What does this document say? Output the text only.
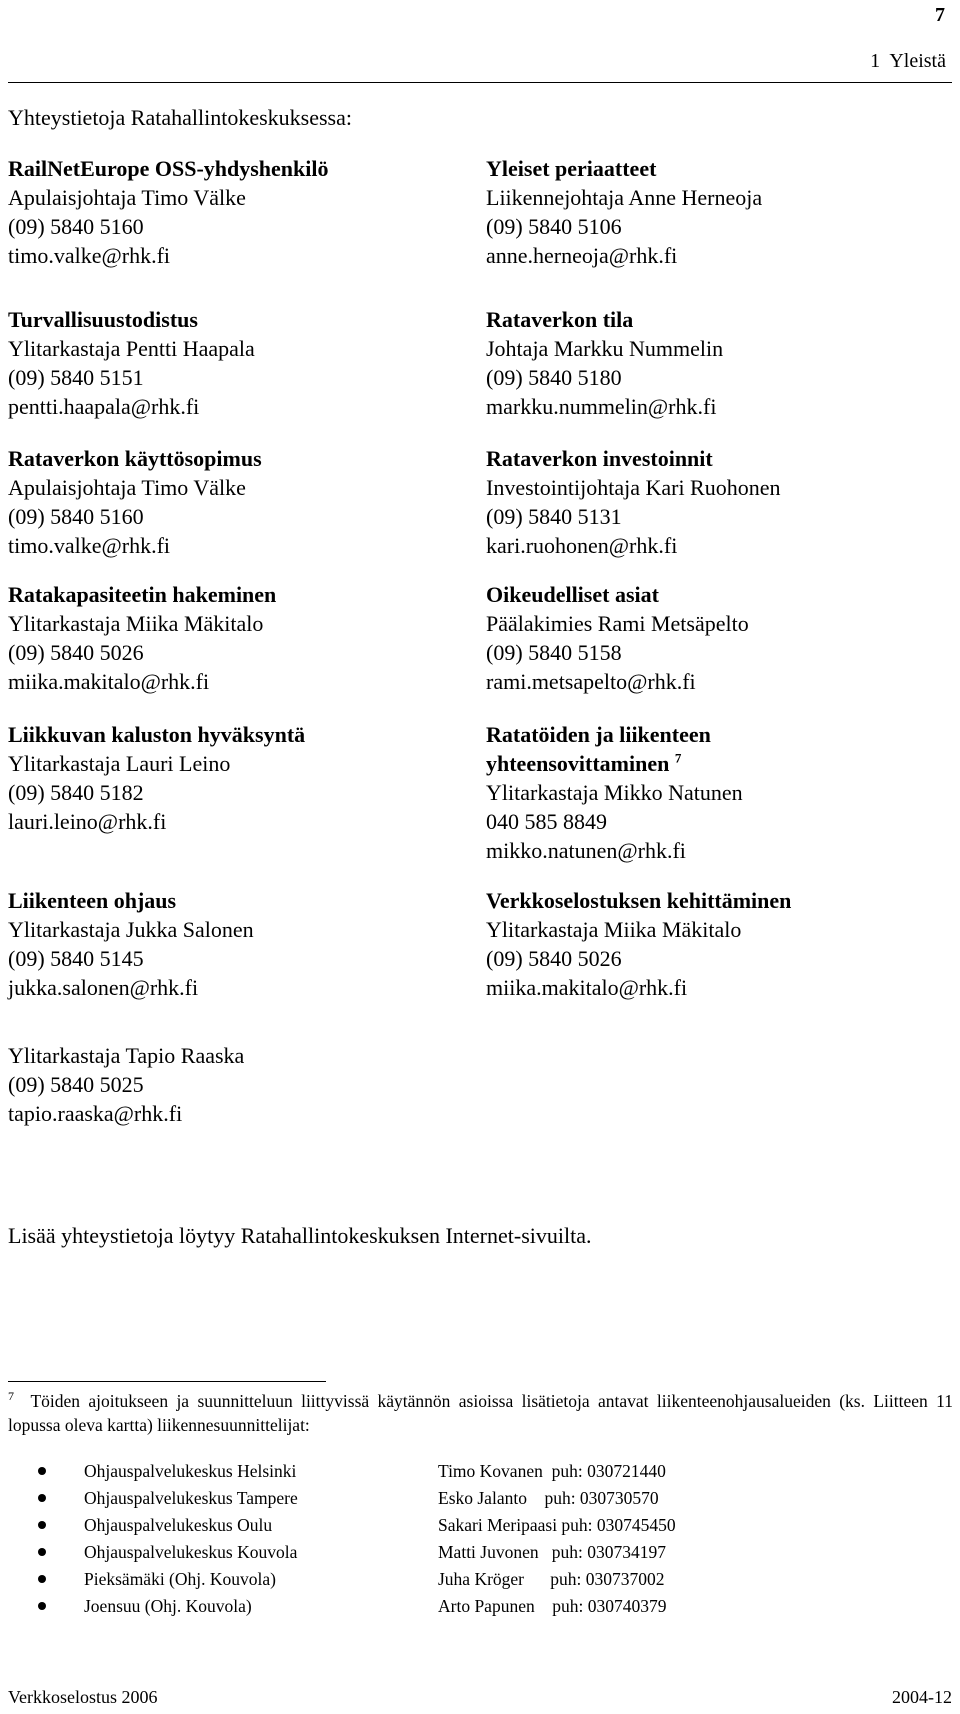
7
1  Yleistä
Yhteystietoja Ratahallintokeskuksessa:
RailNetEurope OSS-yhdyshenkilö
Apulaisjohtaja Timo Välke
(09) 5840 5160
timo.valke@rhk.fi
Turvallisuustodistus
Ylitarkastaja Pentti Haapala
(09) 5840 5151
pentti.haapala@rhk.fi
Rataverkon käyttösopimus
Apulaisjohtaja Timo Välke
(09) 5840 5160
timo.valke@rhk.fi
Ratakapasiteetin hakeminen
Ylitarkastaja Miika Mäkitalo
(09) 5840 5026
miika.makitalo@rhk.fi
Liikkuvan kaluston hyväksyntä
Ylitarkastaja Lauri Leino
(09) 5840 5182
lauri.leino@rhk.fi
Liikenteen ohjaus
Ylitarkastaja Jukka Salonen
(09) 5840 5145
jukka.salonen@rhk.fi
Ylitarkastaja Tapio Raaska
(09) 5840 5025
tapio.raaska@rhk.fi
Yleiset periaatteet
Liikennejohtaja Anne Herneoja
(09) 5840 5106
anne.herneoja@rhk.fi
Rataverkon tila
Johtaja Markku Nummelin
(09) 5840 5180
markku.nummelin@rhk.fi
Rataverkon investoinnit
Investointijohtaja Kari Ruohonen
(09) 5840 5131
kari.ruohonen@rhk.fi
Oikeudelliset asiat
Päälakimies Rami Metsäpelto
(09) 5840 5158
rami.metsapelto@rhk.fi
Ratatöiden ja liikenteen
yhteensovittaminen $^7$
Ylitarkastaja Mikko Natunen
040 585 8849
mikko.natunen@rhk.fi
Verkkoselostuksen kehittäminen
Ylitarkastaja Miika Mäkitalo
(09) 5840 5026
miika.makitalo@rhk.fi
Lisää yhteystietoja löytyy Ratahallintokeskuksen Internet-sivuilta.
$^7$ Töiden ajoitukseen ja suunnitteluun liittyvissä käytännön asioissa lisätietoja antavat liikenteenohjausalueiden (ks. Liitteen 11 lopussa oleva kartta) liikennesuunnittelijat:
Ohjauspalvelukeskus Helsinki	Timo Kovanen  puh: 030721440
Ohjauspalvelukeskus Tampere	Esko Jalanto    puh: 030730570
Ohjauspalvelukeskus Oulu	Sakari Meripaasi puh: 030745450
Ohjauspalvelukeskus Kouvola	Matti Juvonen   puh: 030734197
Pieksämäki (Ohj. Kouvola)	Juha Kröger      puh: 030737002
Joensuu (Ohj. Kouvola)	Arto Papunen    puh: 030740379
Verkkoselostus 2006	2004-12
